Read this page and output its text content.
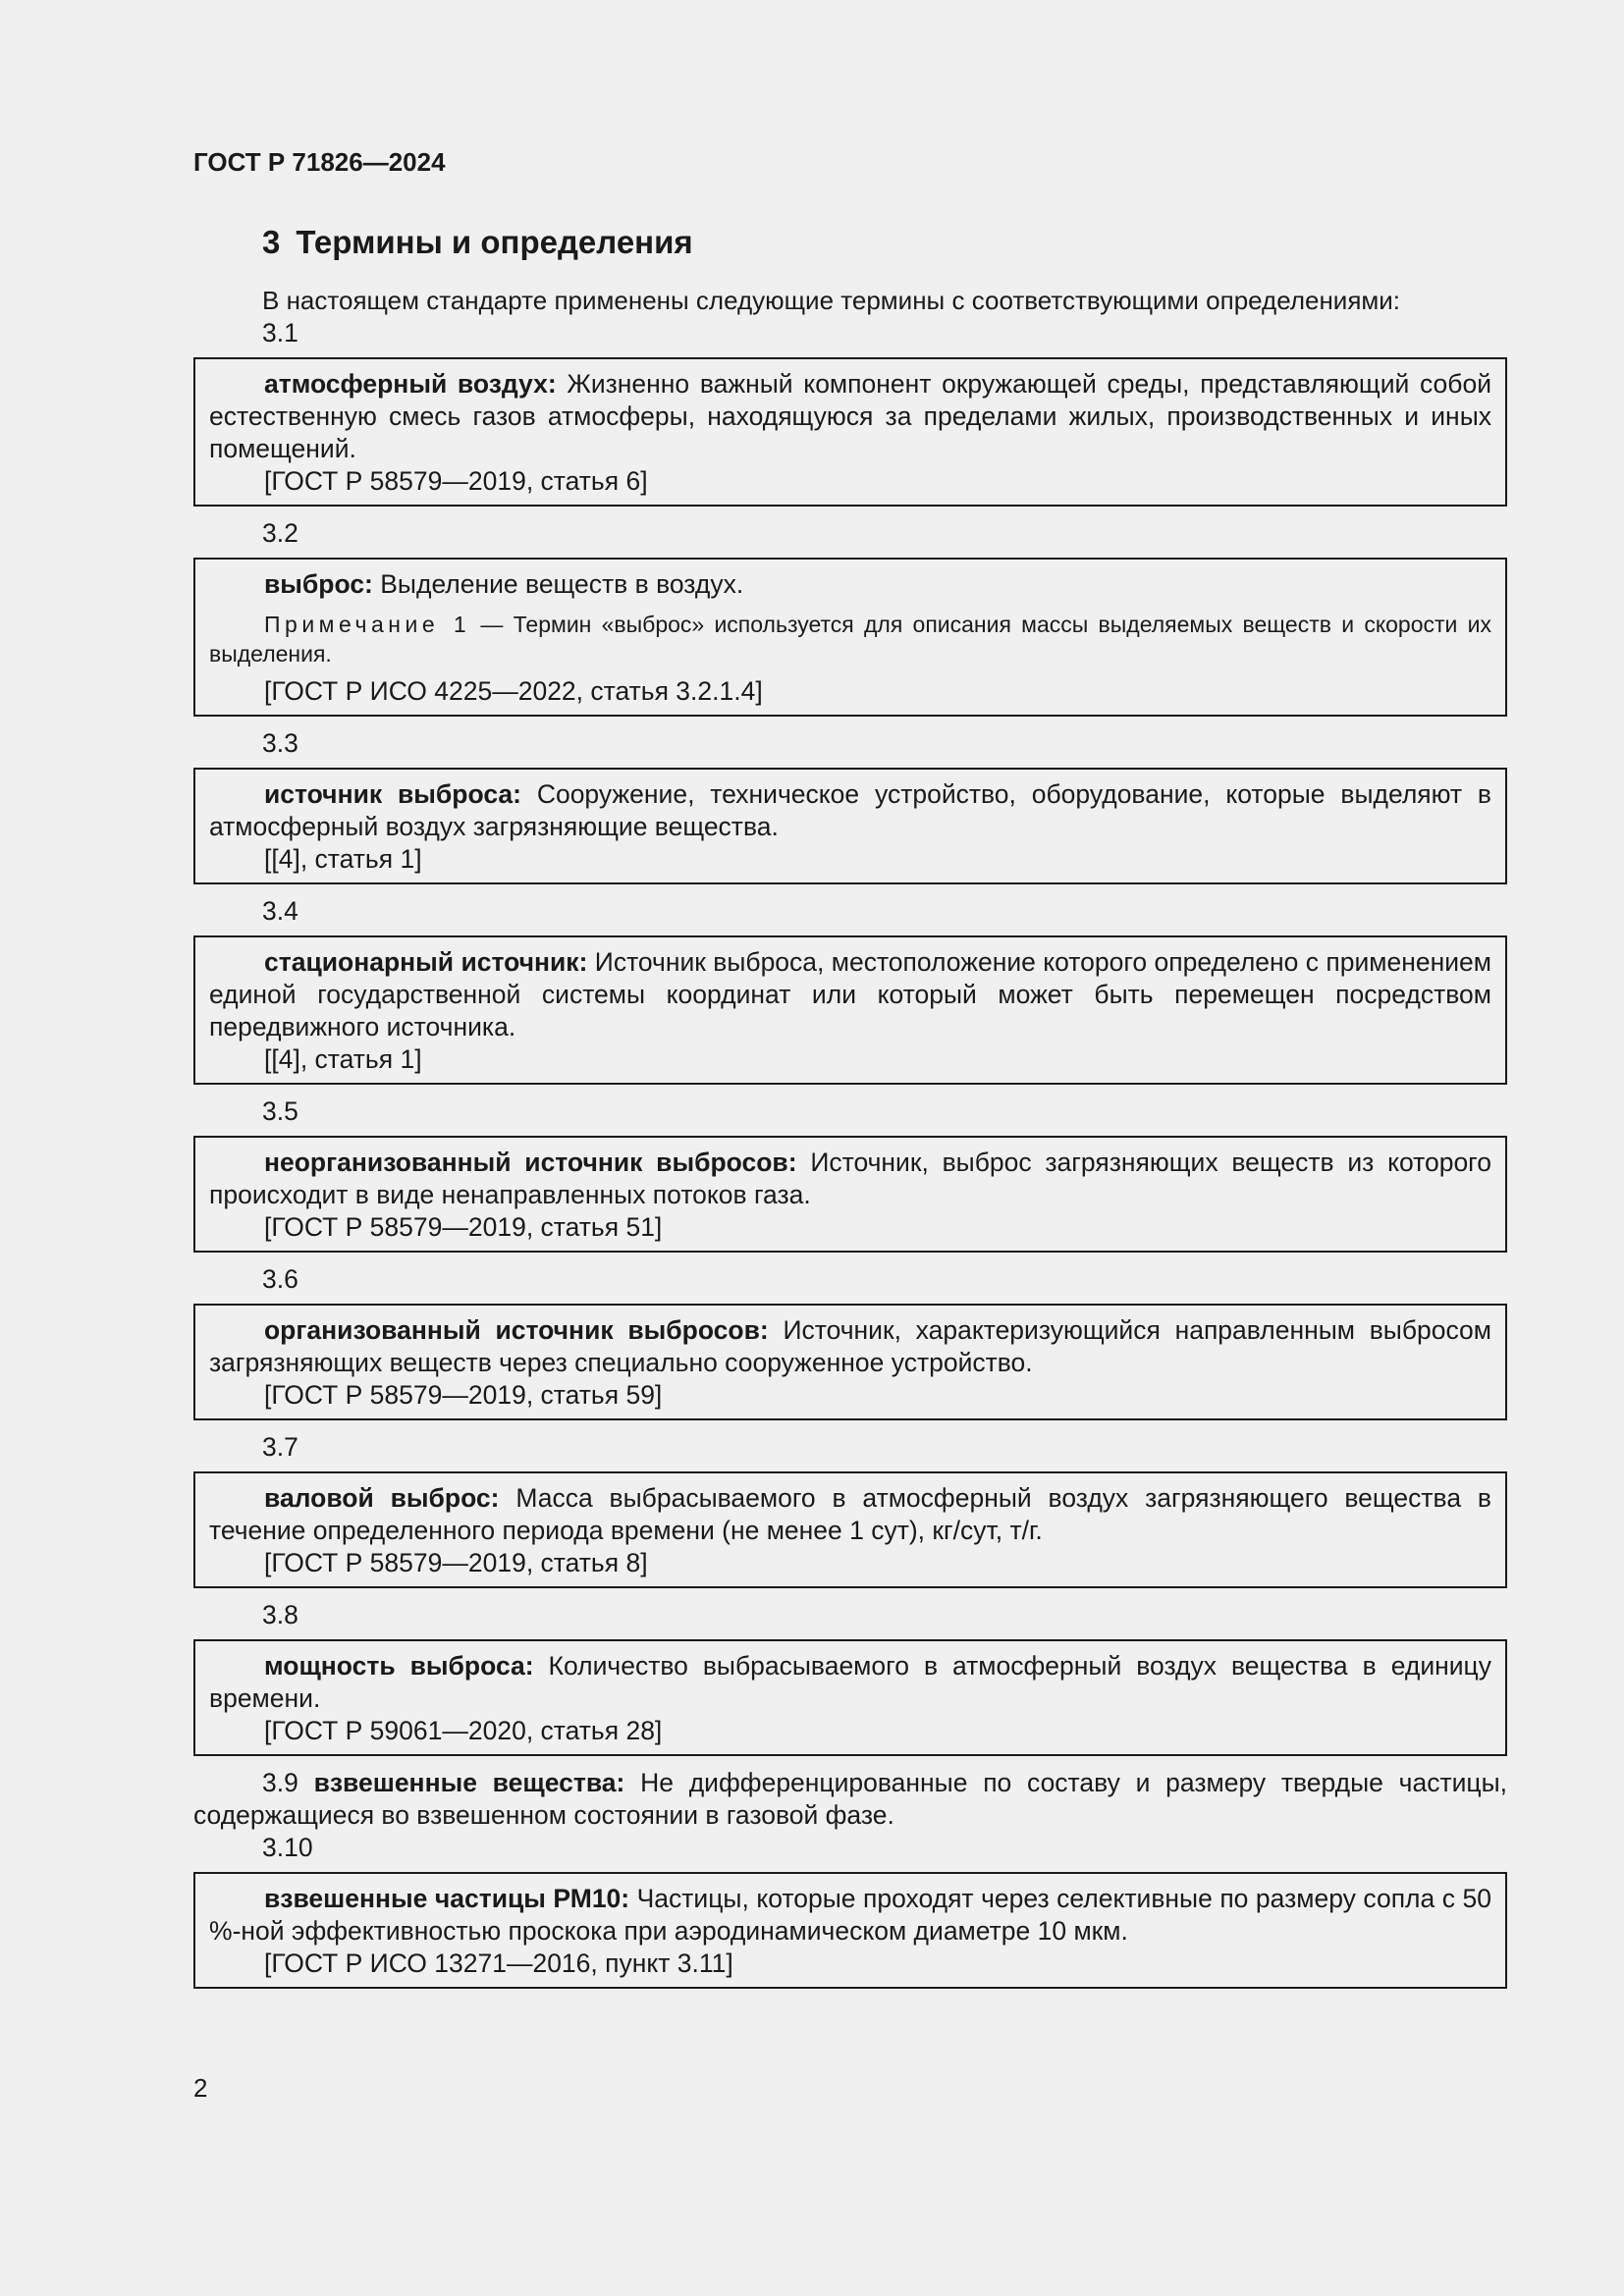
ГОСТ Р 71826—2024
3 Термины и определения
В настоящем стандарте применены следующие термины с соответствующими определениями:
3.1

атмосферный воздух: Жизненно важный компонент окружающей среды, представляющий собой естественную смесь газов атмосферы, находящуюся за пределами жилых, производственных и иных помещений.

[ГОСТ Р 58579—2019, статья 6]
3.2

выброс: Выделение веществ в воздух.

Примечание 1 — Термин «выброс» используется для описания массы выделяемых веществ и скорости их выделения.

[ГОСТ Р ИСО 4225—2022, статья 3.2.1.4]
3.3

источник выброса: Сооружение, техническое устройство, оборудование, которые выделяют в атмосферный воздух загрязняющие вещества.

[[4], статья 1]
3.4

стационарный источник: Источник выброса, местоположение которого определено с применением единой государственной системы координат или который может быть перемещен посредством передвижного источника.

[[4], статья 1]
3.5

неорганизованный источник выбросов: Источник, выброс загрязняющих веществ из которого происходит в виде ненаправленных потоков газа.

[ГОСТ Р 58579—2019, статья 51]
3.6

организованный источник выбросов: Источник, характеризующийся направленным выбросом загрязняющих веществ через специально сооруженное устройство.

[ГОСТ Р 58579—2019, статья 59]
3.7

валовой выброс: Масса выбрасываемого в атмосферный воздух загрязняющего вещества в течение определенного периода времени (не менее 1 сут), кг/сут, т/г.

[ГОСТ Р 58579—2019, статья 8]
3.8

мощность выброса: Количество выбрасываемого в атмосферный воздух вещества в единицу времени.

[ГОСТ Р 59061—2020, статья 28]

3.9 взвешенные вещества: Не дифференцированные по составу и размеру твердые частицы, содержащиеся во взвешенном состоянии в газовой фазе.

3.10

взвешенные частицы РМ10: Частицы, которые проходят через селективные по размеру сопла с 50 %-ной эффективностью проскока при аэродинамическом диаметре 10 мкм.

[ГОСТ Р ИСО 13271—2016, пункт 3.11]
2
